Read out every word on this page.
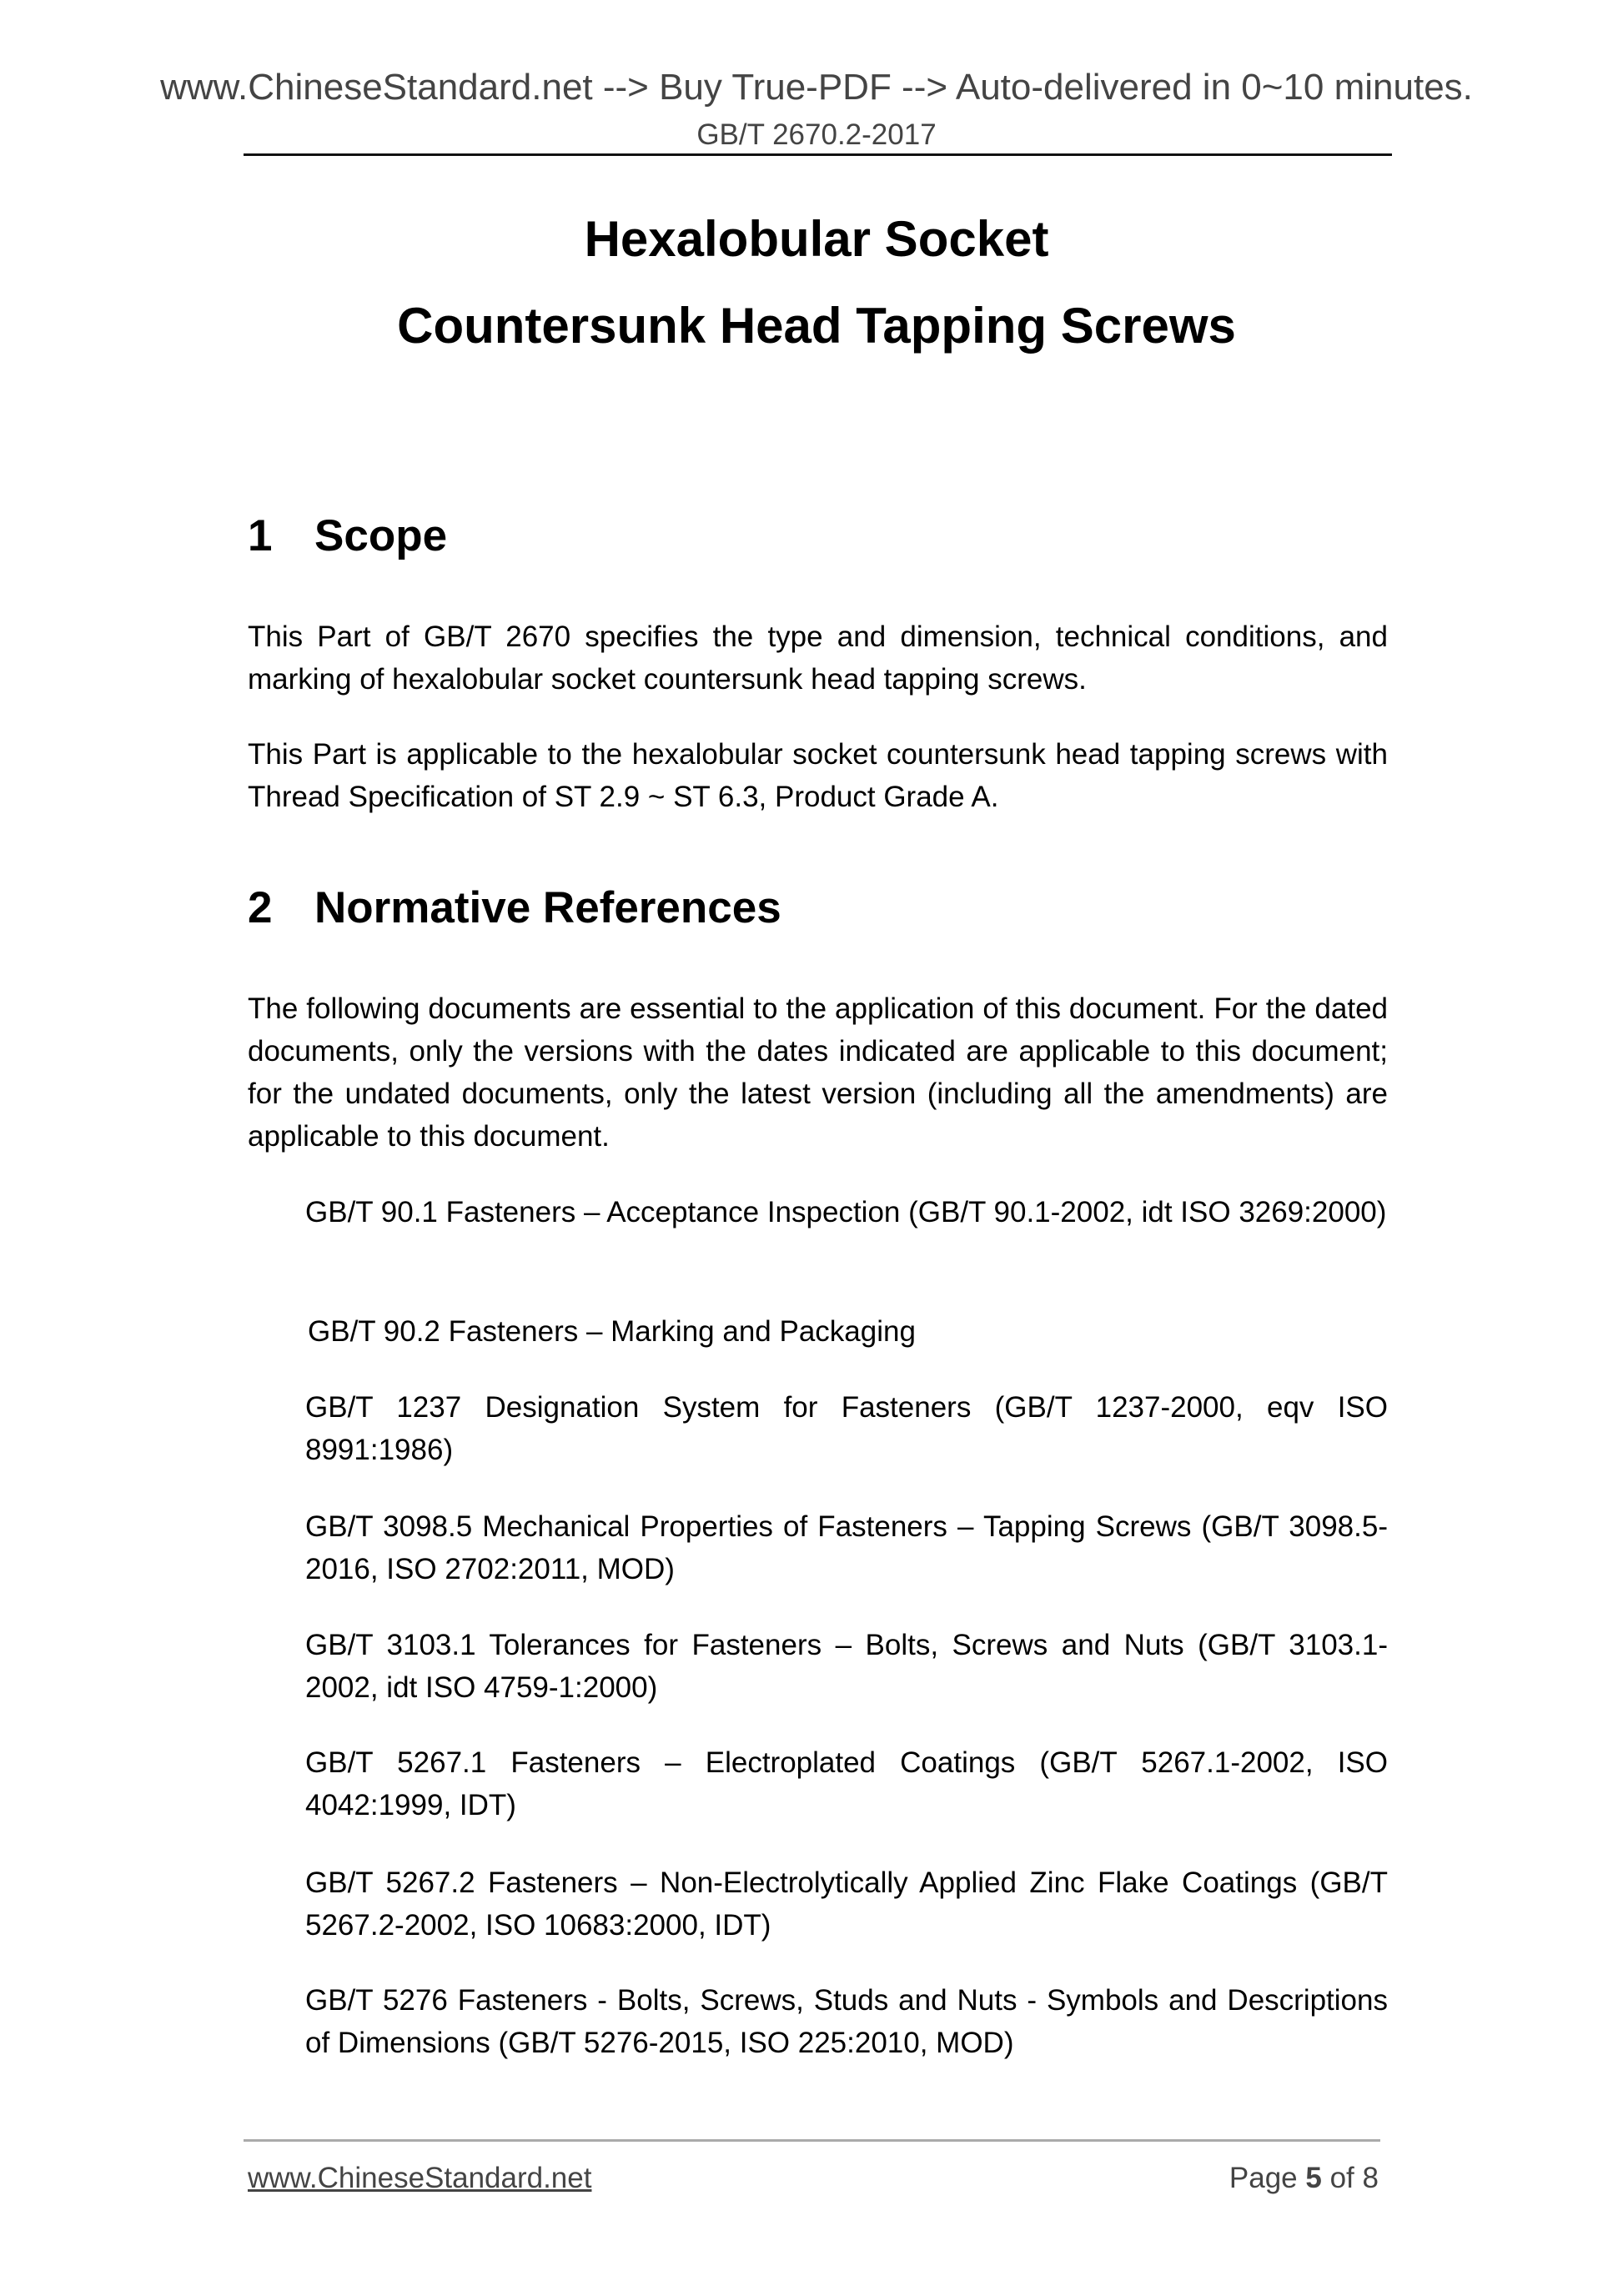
www.ChineseStandard.net --> Buy True-PDF --> Auto-delivered in 0~10 minutes.
GB/T 2670.2-2017
Hexalobular Socket
Countersunk Head Tapping Screws
1 Scope
This Part of GB/T 2670 specifies the type and dimension, technical conditions, and marking of hexalobular socket countersunk head tapping screws.
This Part is applicable to the hexalobular socket countersunk head tapping screws with Thread Specification of ST 2.9 ~ ST 6.3, Product Grade A.
2 Normative References
The following documents are essential to the application of this document. For the dated documents, only the versions with the dates indicated are applicable to this document; for the undated documents, only the latest version (including all the amendments) are applicable to this document.
GB/T 90.1 Fasteners – Acceptance Inspection (GB/T 90.1-2002, idt ISO 3269:2000)
GB/T 90.2 Fasteners – Marking and Packaging
GB/T 1237 Designation System for Fasteners (GB/T 1237-2000, eqv ISO 8991:1986)
GB/T 3098.5 Mechanical Properties of Fasteners – Tapping Screws (GB/T 3098.5-2016, ISO 2702:2011, MOD)
GB/T 3103.1 Tolerances for Fasteners – Bolts, Screws and Nuts (GB/T 3103.1-2002, idt ISO 4759-1:2000)
GB/T 5267.1 Fasteners – Electroplated Coatings (GB/T 5267.1-2002, ISO 4042:1999, IDT)
GB/T 5267.2 Fasteners – Non-Electrolytically Applied Zinc Flake Coatings (GB/T 5267.2-2002, ISO 10683:2000, IDT)
GB/T 5276 Fasteners - Bolts, Screws, Studs and Nuts - Symbols and Descriptions of Dimensions (GB/T 5276-2015, ISO 225:2010, MOD)
www.ChineseStandard.net	Page 5 of 8
